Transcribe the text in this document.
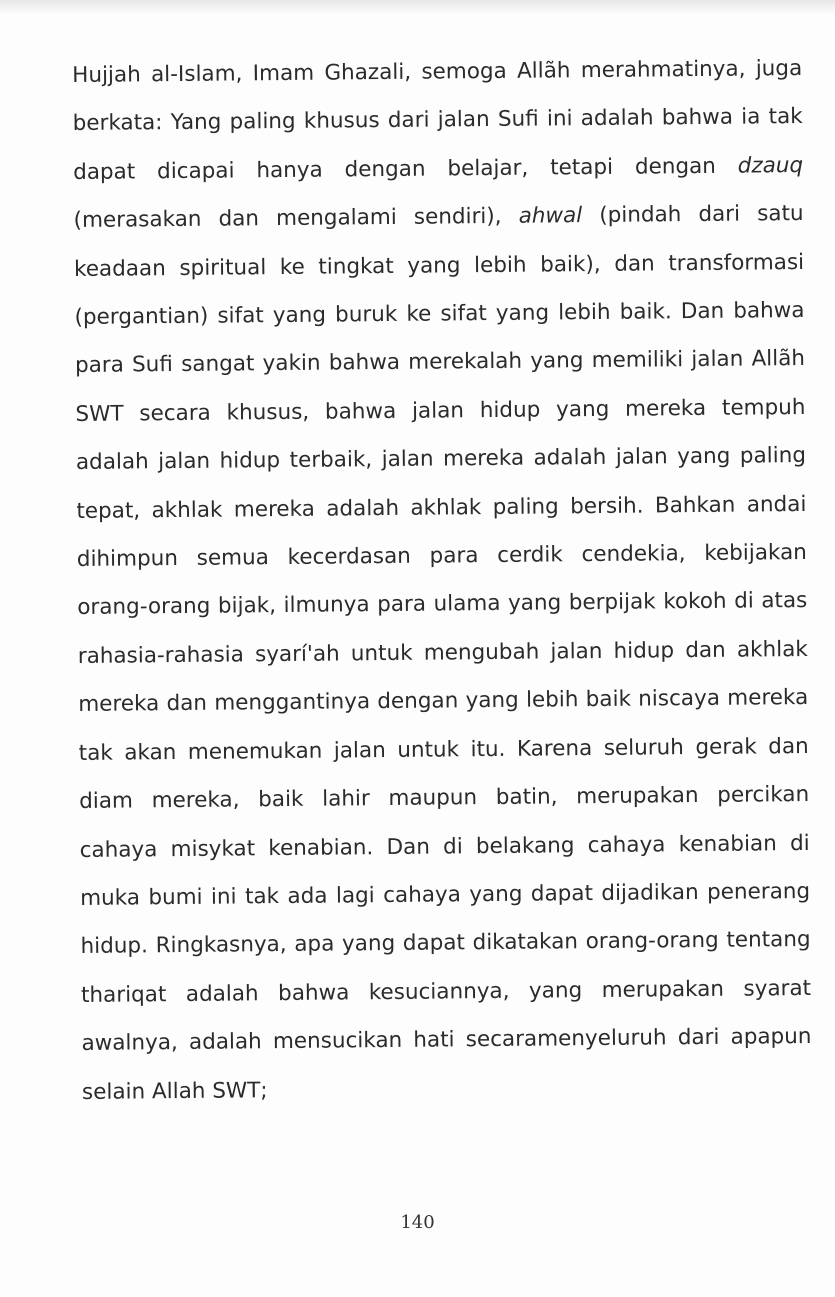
Hujjah al-Islam, Imam Ghazali, semoga Allãh merahmatinya, juga berkata: Yang paling khusus dari jalan Sufi ini adalah bahwa ia tak dapat dicapai hanya dengan belajar, tetapi dengan dzauq (merasakan dan mengalami sendiri), ahwal (pindah dari satu keadaan spiritual ke tingkat yang lebih baik), dan transformasi (pergantian) sifat yang buruk ke sifat yang lebih baik. Dan bahwa para Sufi sangat yakin bahwa merekalah yang memiliki jalan Allãh SWT secara khusus, bahwa jalan hidup yang mereka tempuh adalah jalan hidup terbaik, jalan mereka adalah jalan yang paling tepat, akhlak mereka adalah akhlak paling bersih. Bahkan andai dihimpun semua kecerdasan para cerdik cendekia, kebijakan orang-orang bijak, ilmunya para ulama yang berpijak kokoh di atas rahasia-rahasia syarí'ah untuk mengubah jalan hidup dan akhlak mereka dan menggantinya dengan yang lebih baik niscaya mereka tak akan menemukan jalan untuk itu. Karena seluruh gerak dan diam mereka, baik lahir maupun batin, merupakan percikan cahaya misykat kenabian. Dan di belakang cahaya kenabian di muka bumi ini tak ada lagi cahaya yang dapat dijadikan penerang hidup. Ringkasnya, apa yang dapat dikatakan orang-orang tentang thariqat adalah bahwa kesuciannya, yang merupakan syarat awalnya, adalah mensucikan hati secaramenyeluruh dari apapun selain Allah SWT;

140
